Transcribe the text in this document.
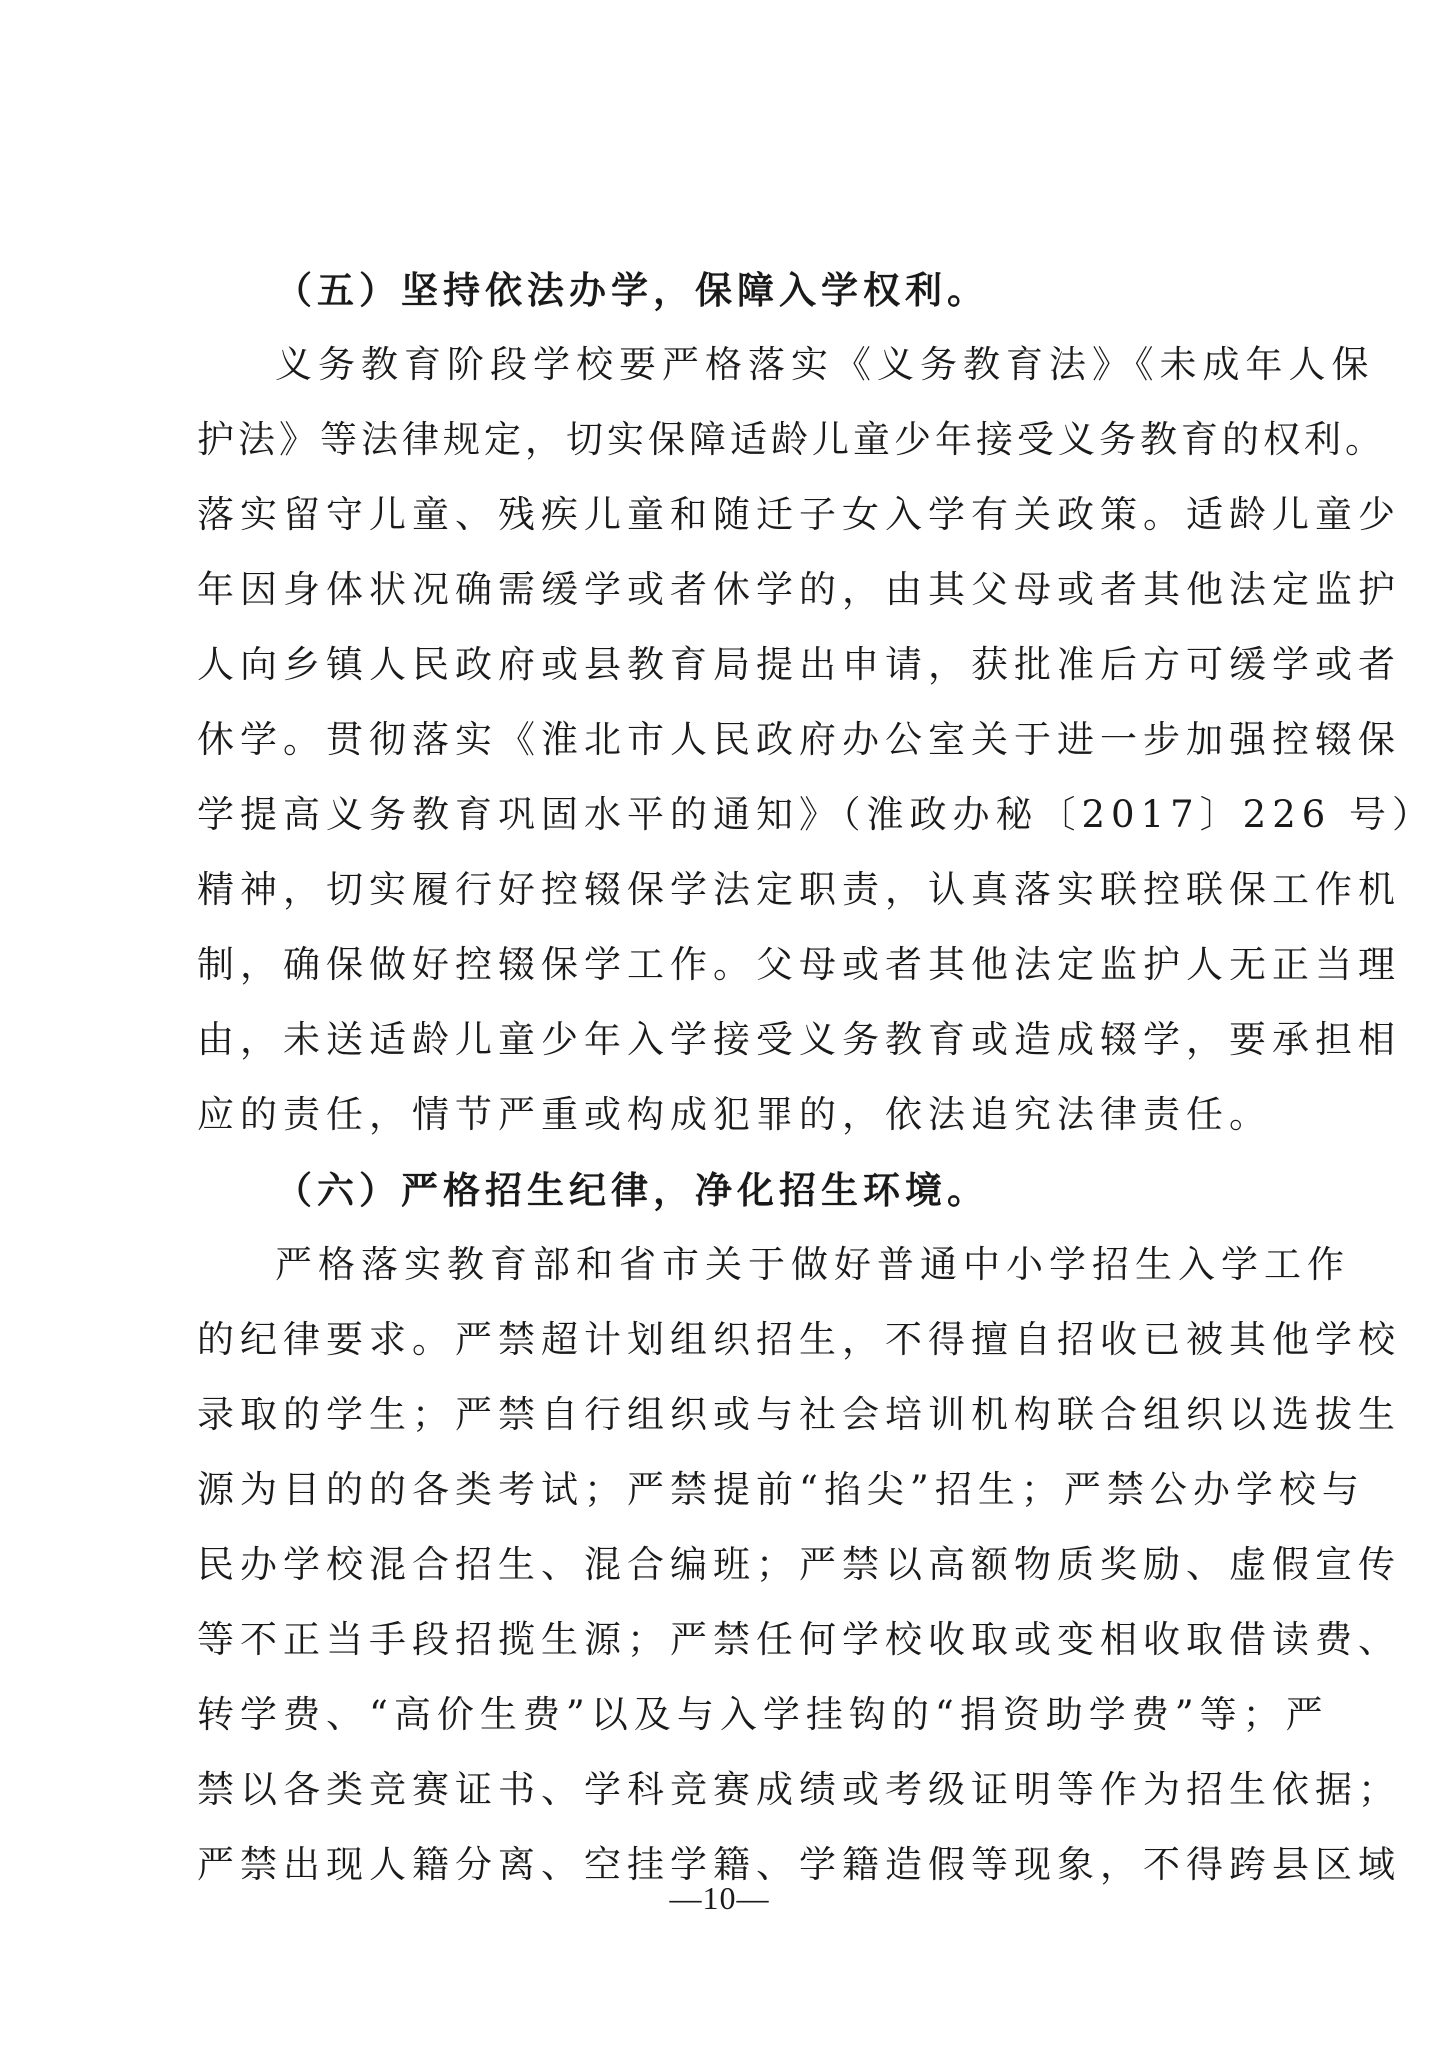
（五）坚持依法办学，保障入学权利。
义务教育阶段学校要严格落实《义务教育法》《未成年人保
护法》等法律规定，切实保障适龄儿童少年接受义务教育的权利。
落实留守儿童、残疾儿童和随迁子女入学有关政策。适龄儿童少
年因身体状况确需缓学或者休学的，由其父母或者其他法定监护
人向乡镇人民政府或县教育局提出申请，获批准后方可缓学或者
休学。贯彻落实《淮北市人民政府办公室关于进一步加强控辍保
学提高义务教育巩固水平的通知》（淮政办秘〔2017〕226 号）
精神，切实履行好控辍保学法定职责，认真落实联控联保工作机
制，确保做好控辍保学工作。父母或者其他法定监护人无正当理
由，未送适龄儿童少年入学接受义务教育或造成辍学，要承担相
应的责任，情节严重或构成犯罪的，依法追究法律责任。
（六）严格招生纪律，净化招生环境。
严格落实教育部和省市关于做好普通中小学招生入学工作
的纪律要求。严禁超计划组织招生，不得擅自招收已被其他学校
录取的学生；严禁自行组织或与社会培训机构联合组织以选拔生
源为目的的各类考试；严禁提前“掐尖”招生；严禁公办学校与
民办学校混合招生、混合编班；严禁以高额物质奖励、虚假宣传
等不正当手段招揽生源；严禁任何学校收取或变相收取借读费、
转学费、“高价生费”以及与入学挂钩的“捐资助学费”等；严
禁以各类竞赛证书、学科竞赛成绩或考级证明等作为招生依据；
严禁出现人籍分离、空挂学籍、学籍造假等现象，不得跨县区域
—10—
